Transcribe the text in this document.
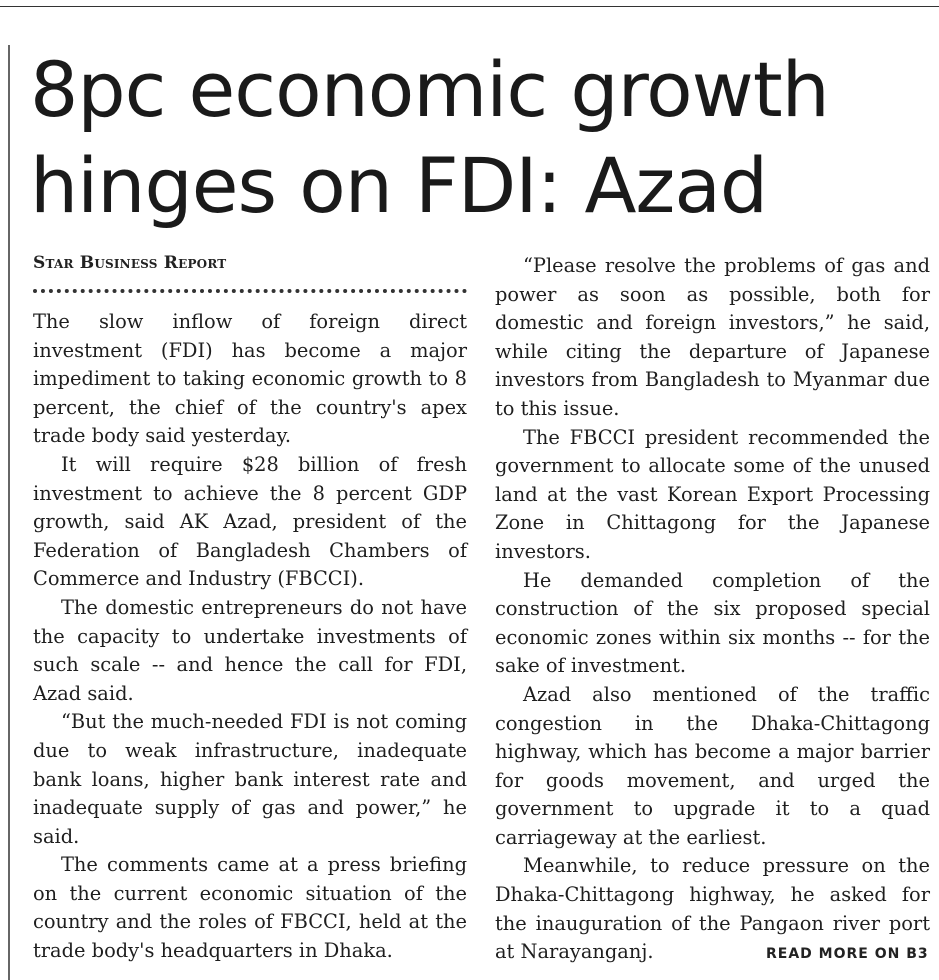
8pc economic growth
hinges on FDI: Azad
Star Business Report

The slow inflow of foreign direct investment (FDI) has become a major impediment to taking economic growth to 8 percent, the chief of the country's apex trade body said yesterday.

It will require $28 billion of fresh investment to achieve the 8 percent GDP growth, said AK Azad, president of the Federation of Bangladesh Chambers of Commerce and Industry (FBCCI).

The domestic entrepreneurs do not have the capacity to undertake investments of such scale -- and hence the call for FDI, Azad said.

“But the much-needed FDI is not coming due to weak infrastructure, inadequate bank loans, higher bank interest rate and inadequate supply of gas and power,” he said.

The comments came at a press briefing on the current economic situation of the country and the roles of FBCCI, held at the trade body's headquarters in Dhaka.

“Please resolve the problems of gas and power as soon as possible, both for domestic and foreign investors,” he said, while citing the departure of Japanese investors from Bangladesh to Myanmar due to this issue.

The FBCCI president recommended the government to allocate some of the unused land at the vast Korean Export Processing Zone in Chittagong for the Japanese investors.

He demanded completion of the construction of the six proposed special economic zones within six months -- for the sake of investment.

Azad also mentioned of the traffic congestion in the Dhaka-Chittagong highway, which has become a major barrier for goods movement, and urged the government to upgrade it to a quad carriageway at the earliest.

Meanwhile, to reduce pressure on the Dhaka-Chittagong highway, he asked for the inauguration of the Pangaon river port at Narayanganj.	READ MORE ON B3
